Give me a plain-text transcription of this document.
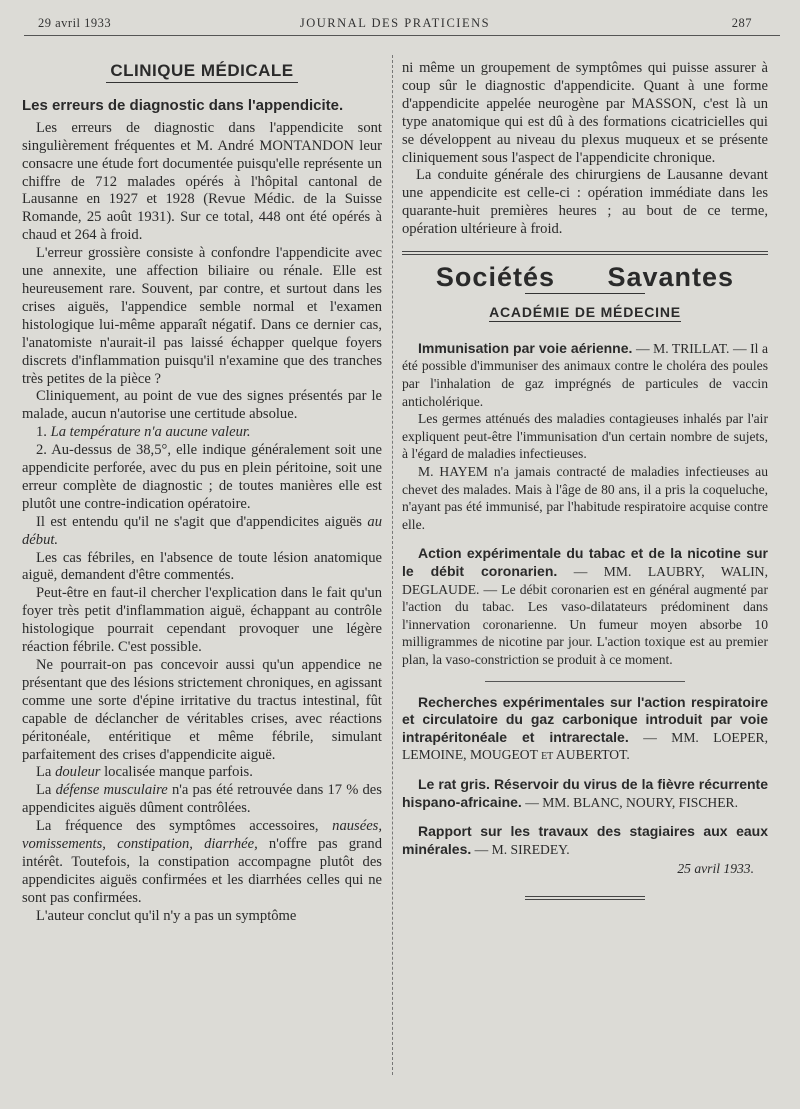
29 avril 1933	JOURNAL DES PRATICIENS	287
CLINIQUE MÉDICALE
Les erreurs de diagnostic dans l'appendicite.

Les erreurs de diagnostic dans l'appendicite sont singulièrement fréquentes et M. André MONTANDON leur consacre une étude fort documentée puisqu'elle représente un chiffre de 712 malades opérés à l'hôpital cantonal de Lausanne en 1927 et 1928 (Revue Médic. de la Suisse Romande, 25 août 1931). Sur ce total, 448 ont été opérés à chaud et 264 à froid.

L'erreur grossière consiste à confondre l'appendicite avec une annexite, une affection biliaire ou rénale. Elle est heureusement rare. Souvent, par contre, et surtout dans les crises aiguës, l'appendice semble normal et l'examen histologique lui-même apparaît négatif. Dans ce dernier cas, l'anatomiste n'aurait-il pas laissé échapper quelque foyers discrets d'inflammation puisqu'il n'examine que des tranches très petites de la pièce ?

Cliniquement, au point de vue des signes présentés par le malade, aucun n'autorise une certitude absolue.

1. La température n'a aucune valeur.

2. Au-dessus de 38,5°, elle indique généralement soit une appendicite perforée, avec du pus en plein péritoine, soit une erreur complète de diagnostic ; de toutes manières elle est plutôt une contre-indication opératoire.

Il est entendu qu'il ne s'agit que d'appendicites aiguës au début.

Les cas fébriles, en l'absence de toute lésion anatomique aiguë, demandent d'être commentés.

Peut-être en faut-il chercher l'explication dans le fait qu'un foyer très petit d'inflammation aiguë, échappant au contrôle histologique pourrait cependant provoquer une légère réaction fébrile. C'est possible.

Ne pourrait-on pas concevoir aussi qu'un appendice ne présentant que des lésions strictement chroniques, en agissant comme une sorte d'épine irritative du tractus intestinal, fût capable de déclancher de véritables crises, avec réactions péritonéale, entéritique et même fébrile, simulant parfaitement des crises d'appendicite aiguë.

La douleur localisée manque parfois.

La défense musculaire n'a pas été retrouvée dans 17 % des appendicites aiguës dûment contrôlées.

La fréquence des symptômes accessoires, nausées, vomissements, constipation, diarrhée, n'offre pas grand intérêt. Toutefois, la constipation accompagne plutôt des appendicites aiguës confirmées et les diarrhées celles qui ne sont pas confirmées.

L'auteur conclut qu'il n'y a pas un symptôme

ni même un groupement de symptômes qui puisse assurer à coup sûr le diagnostic d'appendicite. Quant à une forme d'appendicite appelée neurogène par MASSON, c'est là un type anatomique qui est dû à des formations cicatricielles qui se développent au niveau du plexus muqueux et se présente cliniquement sous l'aspect de l'appendicite chronique.

La conduite générale des chirurgiens de Lausanne devant une appendicite est celle-ci : opération immédiate dans les quarante-huit premières heures ; au bout de ce terme, opération ultérieure à froid.

Sociétés Savantes
ACADÉMIE DE MÉDECINE

Immunisation par voie aérienne. — M. TRILLAT. — Il a été possible d'immuniser des animaux contre le choléra des poules par l'inhalation de gaz imprégnés de particules de vaccin anticholérique.

Les germes atténués des maladies contagieuses inhalés par l'air expliquent peut-être l'immunisation d'un certain nombre de sujets, à l'égard de maladies infectieuses.

M. HAYEM n'a jamais contracté de maladies infectieuses au chevet des malades. Mais à l'âge de 80 ans, il a pris la coqueluche, n'ayant pas été immunisé, par l'habitude respiratoire acquise contre elle.

Action expérimentale du tabac et de la nicotine sur le débit coronarien. — MM. LAUBRY, WALIN, DEGLAUDE. — Le débit coronarien est en général augmenté par l'action du tabac. Les vaso-dilatateurs prédominent dans l'innervation coronarienne. Un fumeur moyen absorbe 10 milligrammes de nicotine par jour. L'action toxique est au premier plan, la vaso-constriction se produit à ce moment.

Recherches expérimentales sur l'action respiratoire et circulatoire du gaz carbonique introduit par voie intrapéritonéale et intrarectale. — MM. LOEPER, LEMOINE, MOUGEOT et AUBERTOT.

Le rat gris. Réservoir du virus de la fièvre récurrente hispano-africaine. — MM. BLANC, NOURY, FISCHER.

Rapport sur les travaux des stagiaires aux eaux minérales. — M. SIREDEY.

25 avril 1933.
